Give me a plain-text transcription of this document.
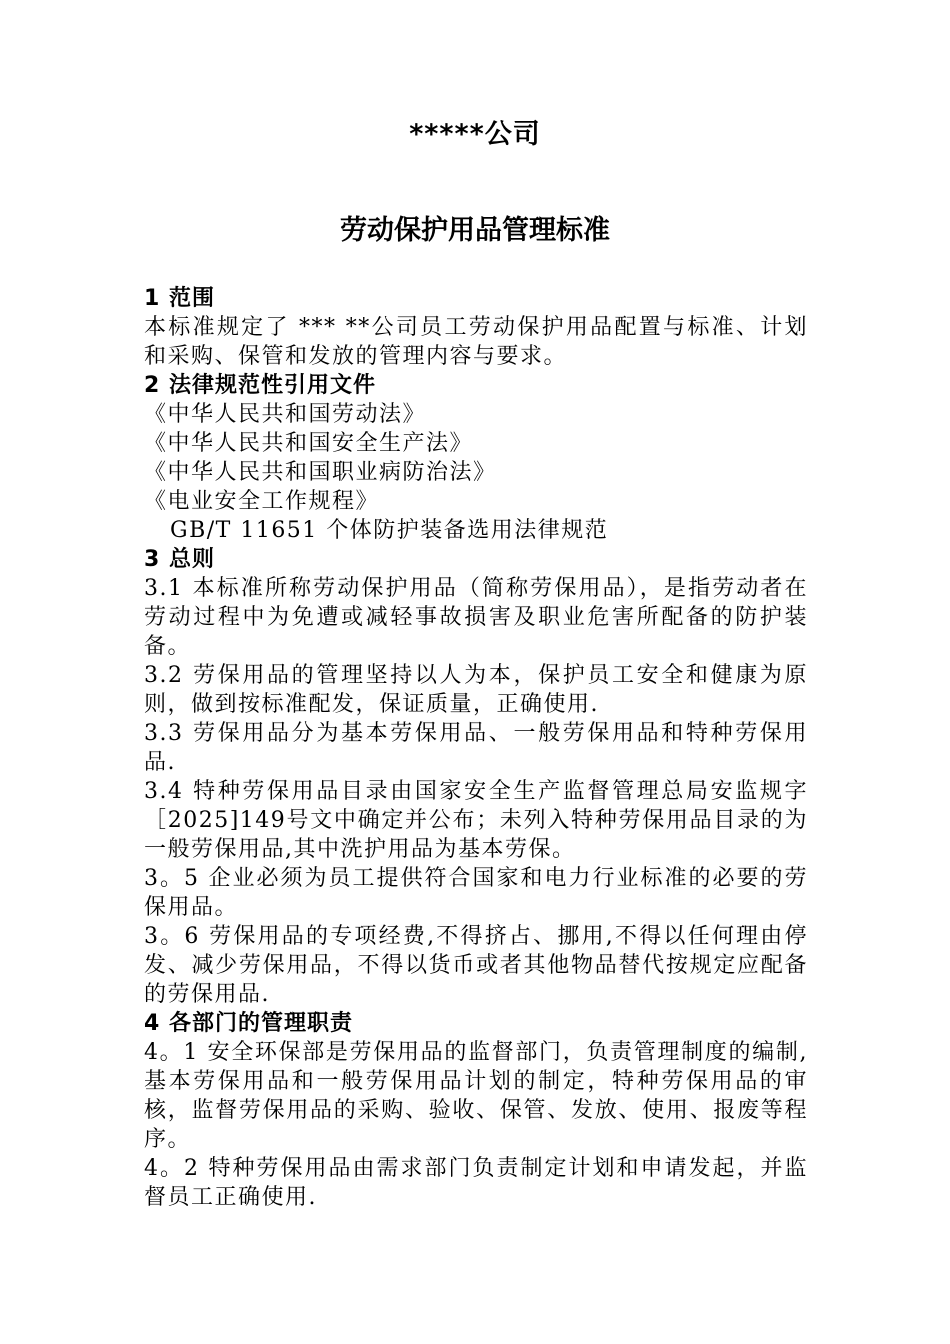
*****公司
劳动保护用品管理标准
1 范围

本标准规定了 *** **公司员工劳动保护用品配置与标准、计划和采购、保管和发放的管理内容与要求。

2 法律规范性引用文件

《中华人民共和国劳动法》

《中华人民共和国安全生产法》

《中华人民共和国职业病防治法》

《电业安全工作规程》

GB/T 11651 个体防护装备选用法律规范

3 总则

3.1 本标准所称劳动保护用品（简称劳保用品），是指劳动者在劳动过程中为免遭或减轻事故损害及职业危害所配备的防护装备。

3.2 劳保用品的管理坚持以人为本，保护员工安全和健康为原则，做到按标准配发，保证质量，正确使用.

3.3 劳保用品分为基本劳保用品、一般劳保用品和特种劳保用品.

3.4 特种劳保用品目录由国家安全生产监督管理总局安监规字［2025]149号文中确定并公布；未列入特种劳保用品目录的为一般劳保用品,其中洗护用品为基本劳保。

3。5 企业必须为员工提供符合国家和电力行业标准的必要的劳保用品。

3。6 劳保用品的专项经费,不得挤占、挪用,不得以任何理由停发、减少劳保用品，不得以货币或者其他物品替代按规定应配备的劳保用品.

4 各部门的管理职责

4。1 安全环保部是劳保用品的监督部门，负责管理制度的编制,基本劳保用品和一般劳保用品计划的制定，特种劳保用品的审核，监督劳保用品的采购、验收、保管、发放、使用、报废等程序。

4。2 特种劳保用品由需求部门负责制定计划和申请发起，并监督员工正确使用.
